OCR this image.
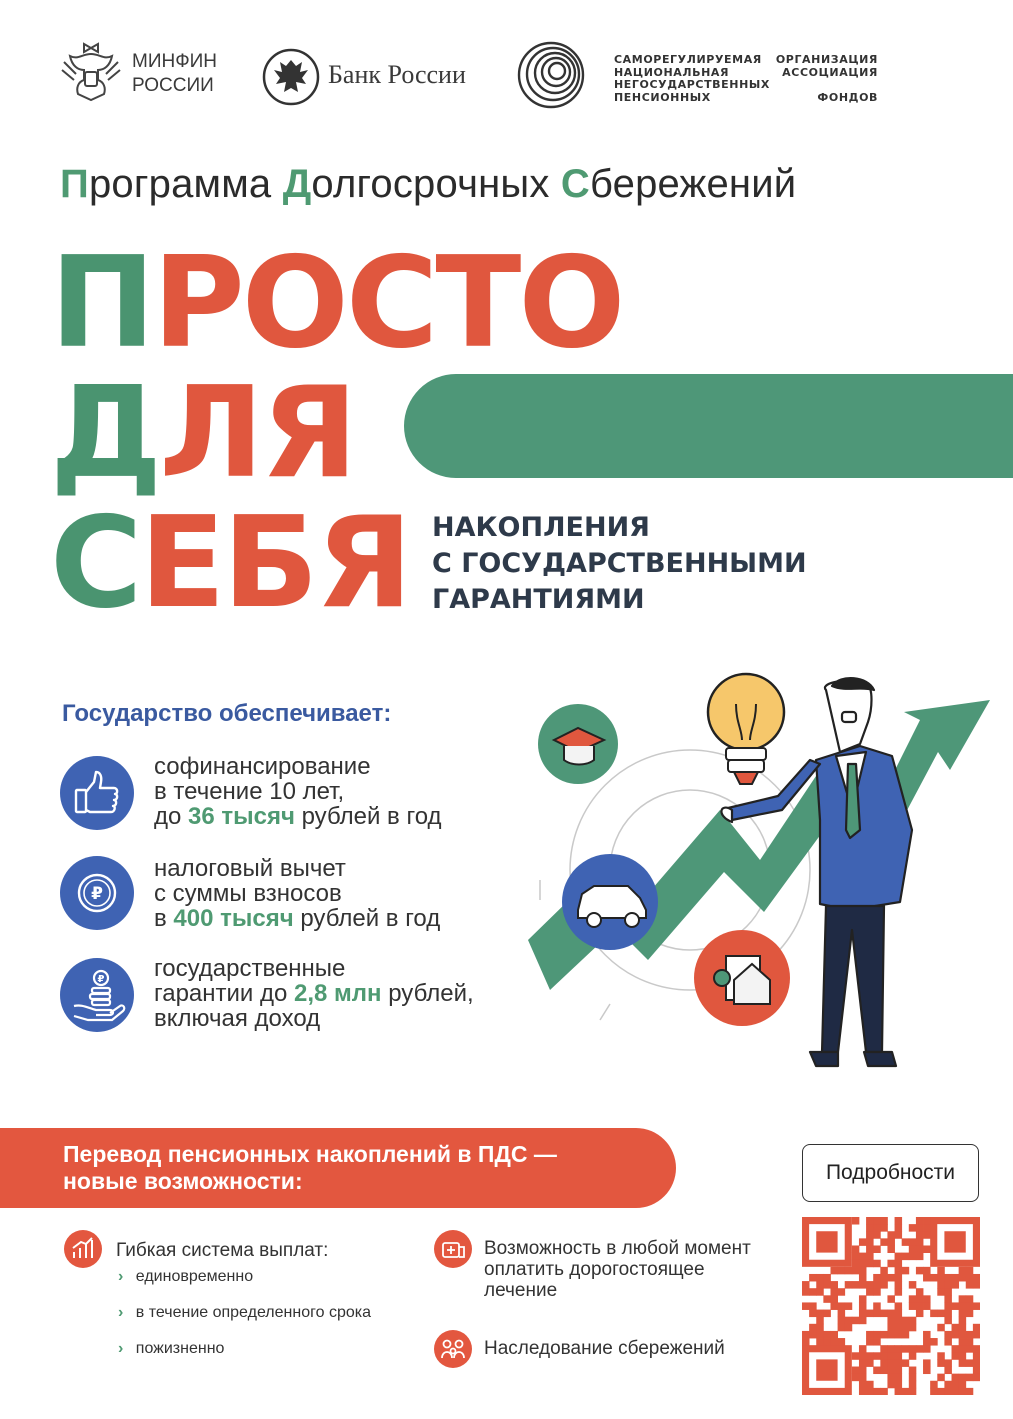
МИНФИН
РОССИИ	Банк России
САМОРЕГУЛИРУЕМАЯ ОРГАНИЗАЦИЯ
НАЦИОНАЛЬНАЯ АССОЦИАЦИЯ
НЕГОСУДАРСТВЕННЫХ
ПЕНСИОННЫХ ФОНДОВ
Программа Долгосрочных Сбережений
ПРОСТО
ДЛЯ
СЕБЯ НАКОПЛЕНИЯ
С ГОСУДАРСТВЕННЫМИ
ГАРАНТИЯМИ
Государство обеспечивает:
софинансирование
в течение 10 лет,
до 36 тысяч рублей в год
₽
налоговый вычет
с суммы взносов
в 400 тысяч рублей в год
₽ государственные
гарантии до 2,8 млн рублей,
включая доход
Перевод пенсионных накоплений в ПДС —
новые возможности:
Гибкая система выплат:
› единовременно
› в течение определенного срока
› пожизненно
Возможность в любой момент
оплатить дорогостоящее
лечение
Наследование сбережений
Подробности
